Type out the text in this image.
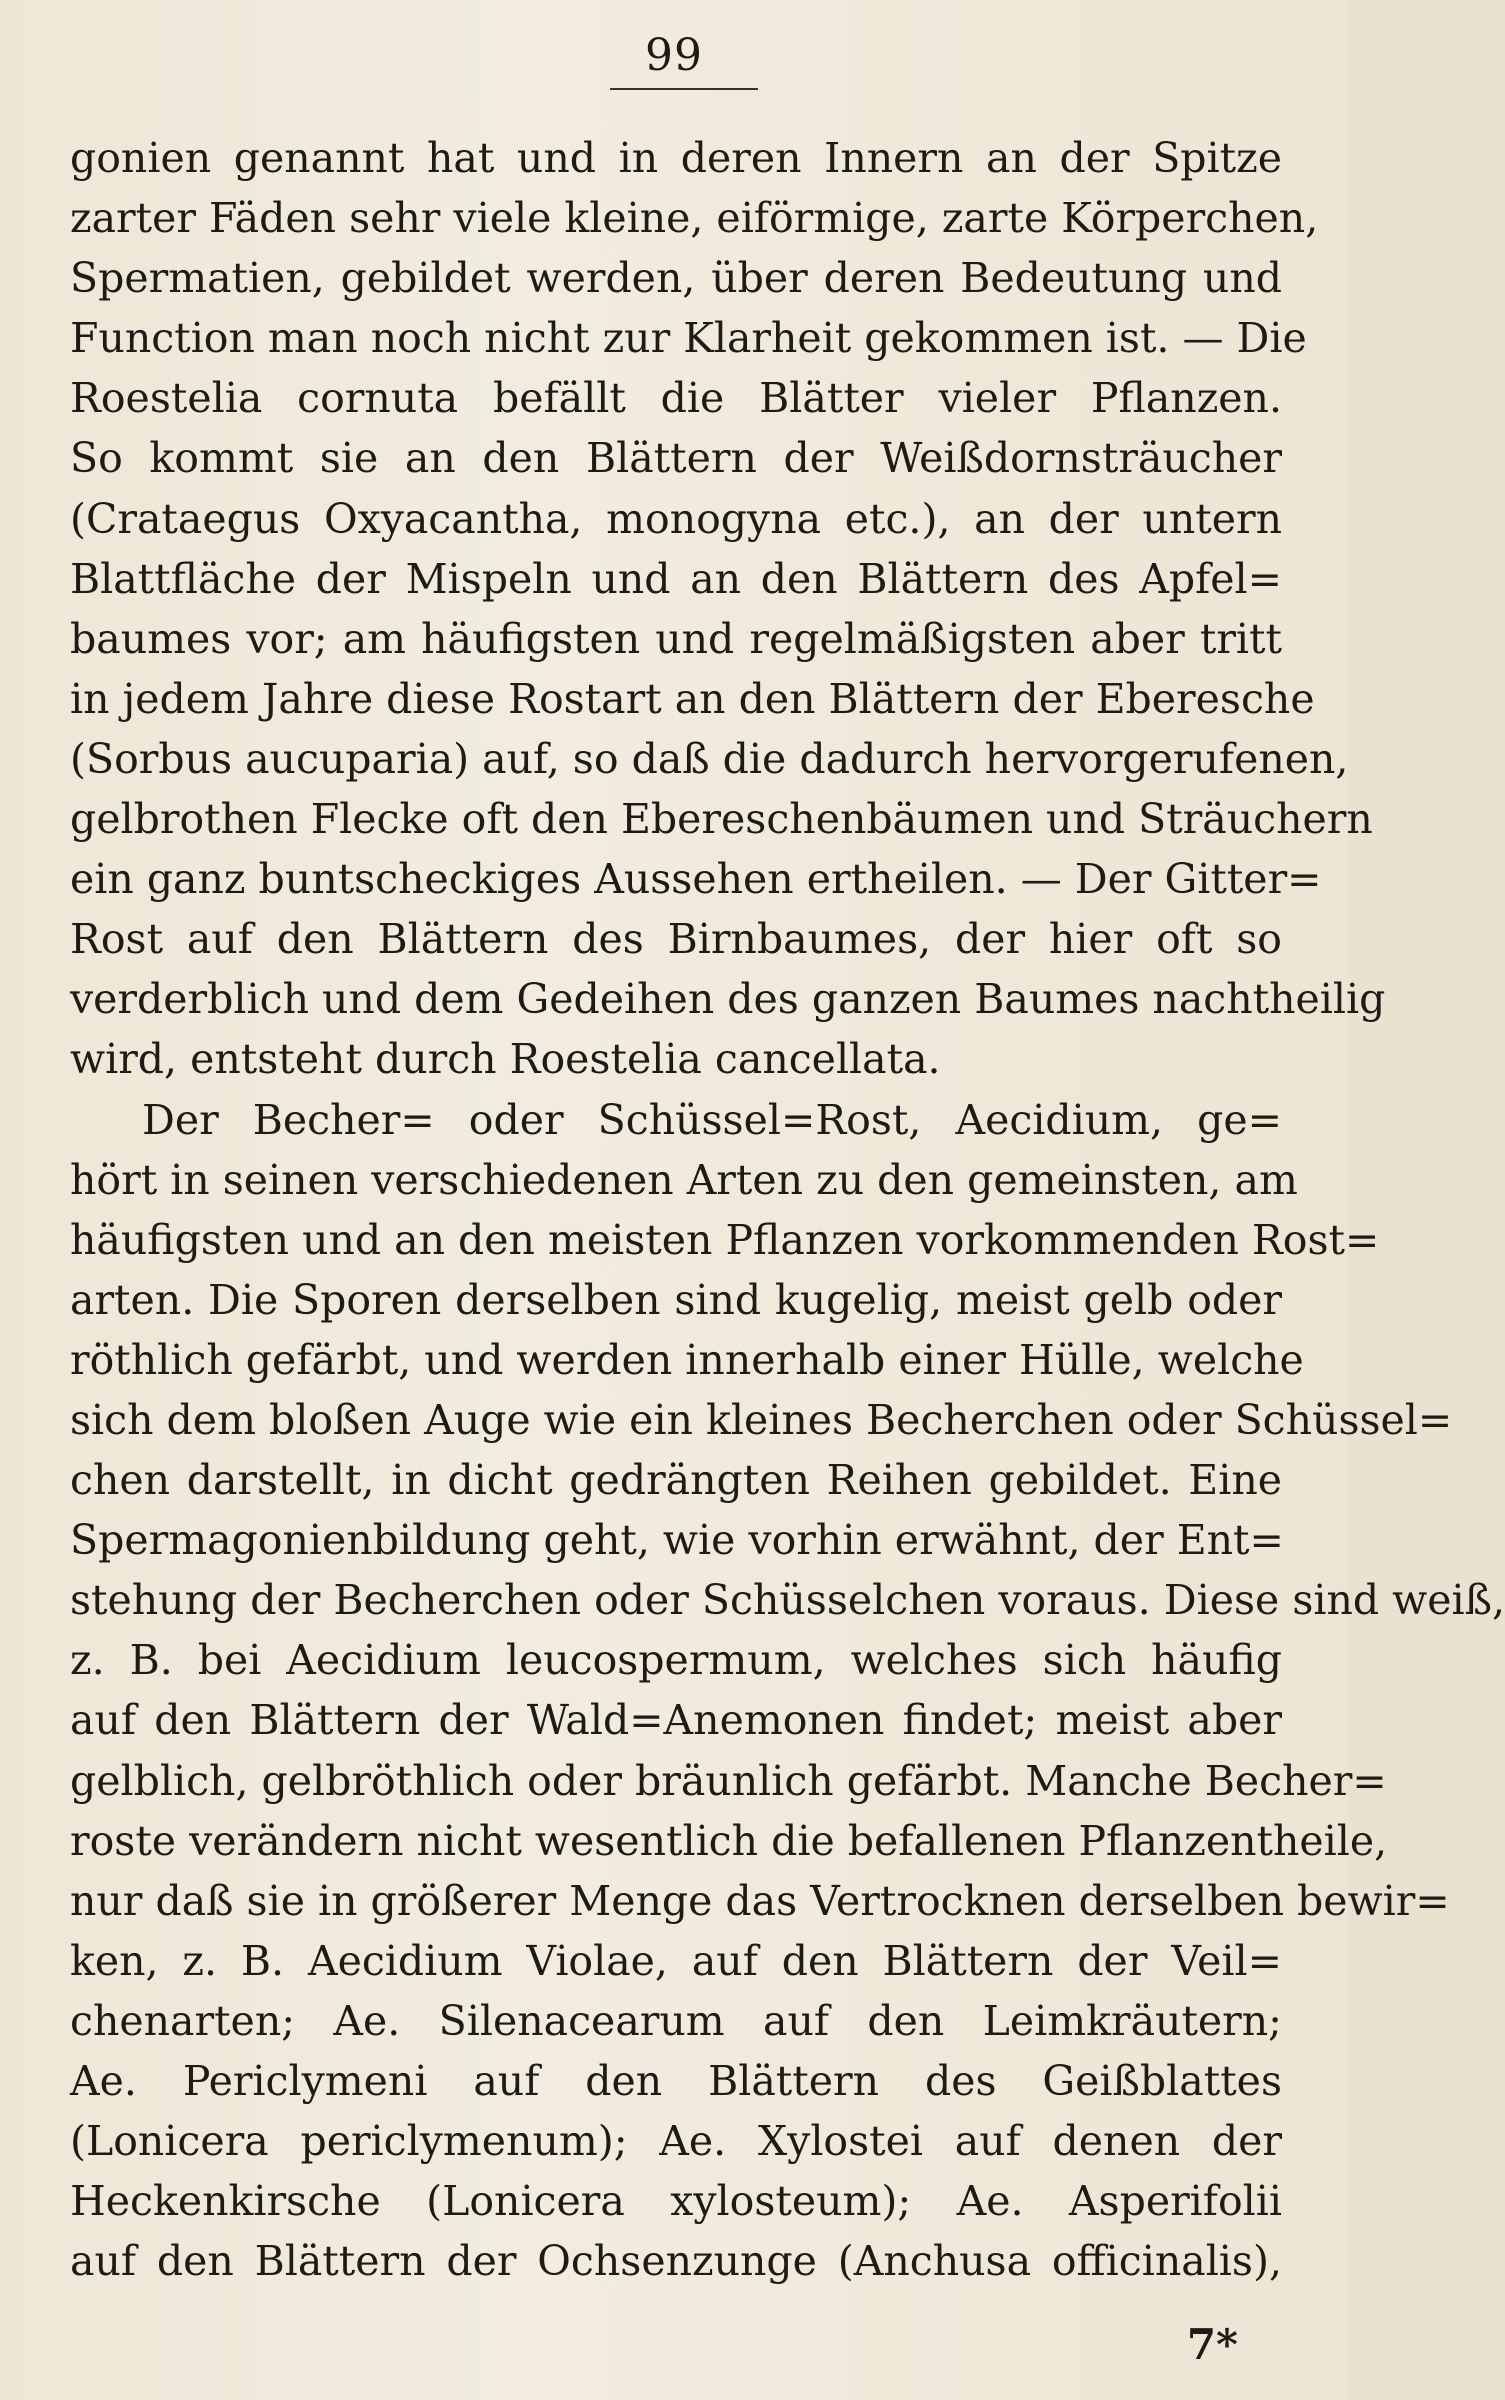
99
gonien genannt hat und in deren Innern an der Spitze
zarter Fäden sehr viele kleine, eiförmige, zarte Körperchen,
Spermatien, gebildet werden, über deren Bedeutung und
Function man noch nicht zur Klarheit gekommen ist. — Die
Roestelia cornuta befällt die Blätter vieler Pflanzen.
So kommt sie an den Blättern der Weißdornsträucher
(Crataegus Oxyacantha, monogyna etc.), an der untern
Blattfläche der Mispeln und an den Blättern des Apfel=
baumes vor; am häufigsten und regelmäßigsten aber tritt
in jedem Jahre diese Rostart an den Blättern der Eberesche
(Sorbus aucuparia) auf, so daß die dadurch hervorgerufenen,
gelbrothen Flecke oft den Ebereschenbäumen und Sträuchern
ein ganz buntscheckiges Aussehen ertheilen. — Der Gitter=
Rost auf den Blättern des Birnbaumes, der hier oft so
verderblich und dem Gedeihen des ganzen Baumes nachtheilig
wird, entsteht durch Roestelia cancellata.
Der Becher= oder Schüssel=Rost, Aecidium, ge=
hört in seinen verschiedenen Arten zu den gemeinsten, am
häufigsten und an den meisten Pflanzen vorkommenden Rost=
arten. Die Sporen derselben sind kugelig, meist gelb oder
röthlich gefärbt, und werden innerhalb einer Hülle, welche
sich dem bloßen Auge wie ein kleines Becherchen oder Schüssel=
chen darstellt, in dicht gedrängten Reihen gebildet. Eine
Spermagonienbildung geht, wie vorhin erwähnt, der Ent=
stehung der Becherchen oder Schüsselchen voraus. Diese sind weiß,
z. B. bei Aecidium leucospermum, welches sich häufig
auf den Blättern der Wald=Anemonen findet; meist aber
gelblich, gelbröthlich oder bräunlich gefärbt. Manche Becher=
roste verändern nicht wesentlich die befallenen Pflanzentheile,
nur daß sie in größerer Menge das Vertrocknen derselben bewir=
ken, z. B. Aecidium Violae, auf den Blättern der Veil=
chenarten; Ae. Silenacearum auf den Leimkräutern;
Ae. Periclymeni auf den Blättern des Geißblattes
(Lonicera periclymenum); Ae. Xylostei auf denen der
Heckenkirsche (Lonicera xylosteum); Ae. Asperifolii
auf den Blättern der Ochsenzunge (Anchusa officinalis),
7*
